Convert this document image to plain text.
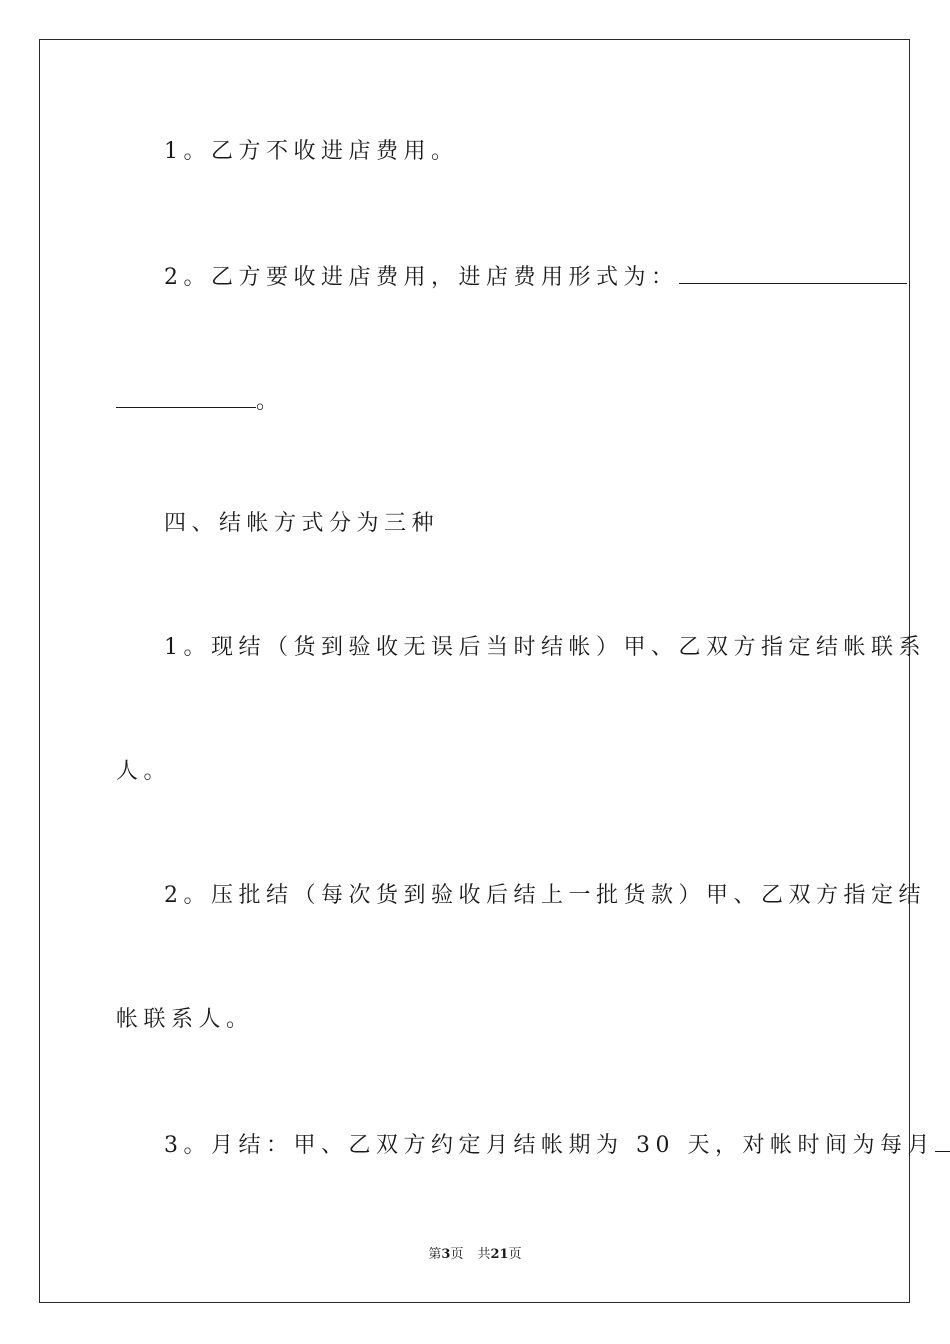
1。乙方不收进店费用。
2。乙方要收进店费用，进店费用形式为：
。
四、结帐方式分为三种
1。现结（货到验收无误后当时结帐）甲、乙双方指定结帐联系
人。
2。压批结（每次货到验收后结上一批货款）甲、乙双方指定结
帐联系人。
3。月结：甲、乙双方约定月结帐期为 30 天，对帐时间为每月
第3页 共21页
